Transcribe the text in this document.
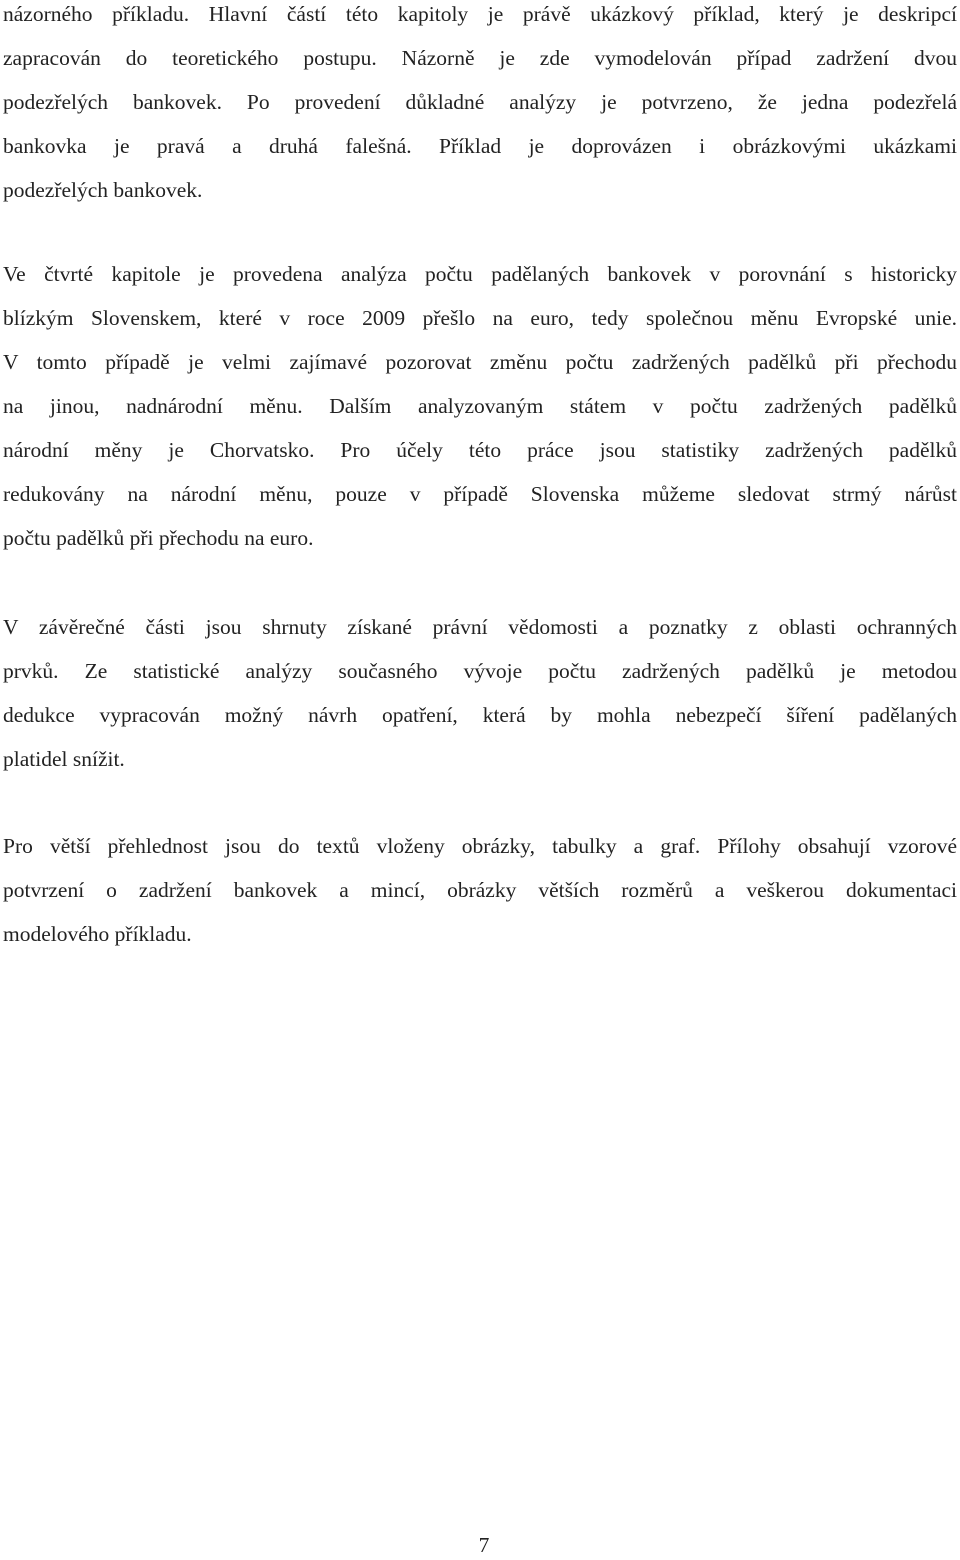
názorného příkladu. Hlavní částí této kapitoly je právě ukázkový příklad, který je deskripcí
zapracován do teoretického postupu. Názorně je zde vymodelován případ zadržení dvou
podezřelých bankovek. Po provedení důkladné analýzy je potvrzeno, že jedna podezřelá
bankovka je pravá a druhá falešná. Příklad je doprovázen i obrázkovými ukázkami
podezřelých bankovek.
Ve čtvrté kapitole je provedena analýza počtu padělaných bankovek v porovnání s historicky
blízkým Slovenskem, které v roce 2009 přešlo na euro, tedy společnou měnu Evropské unie.
V tomto případě je velmi zajímavé pozorovat změnu počtu zadržených padělků při přechodu
na jinou, nadnárodní měnu. Dalším analyzovaným státem v počtu zadržených padělků
národní měny je Chorvatsko. Pro účely této práce jsou statistiky zadržených padělků
redukovány na národní měnu, pouze v případě Slovenska můžeme sledovat strmý nárůst
počtu padělků při přechodu na euro.
V závěrečné části jsou shrnuty získané právní vědomosti a poznatky z oblasti ochranných
prvků. Ze statistické analýzy současného vývoje počtu zadržených padělků je metodou
dedukce vypracován možný návrh opatření, která by mohla nebezpečí šíření padělaných
platidel snížit.
Pro větší přehlednost jsou do textů vloženy obrázky, tabulky a graf. Přílohy obsahují vzorové
potvrzení o zadržení bankovek a mincí, obrázky větších rozměrů a veškerou dokumentaci
modelového příkladu.
7
